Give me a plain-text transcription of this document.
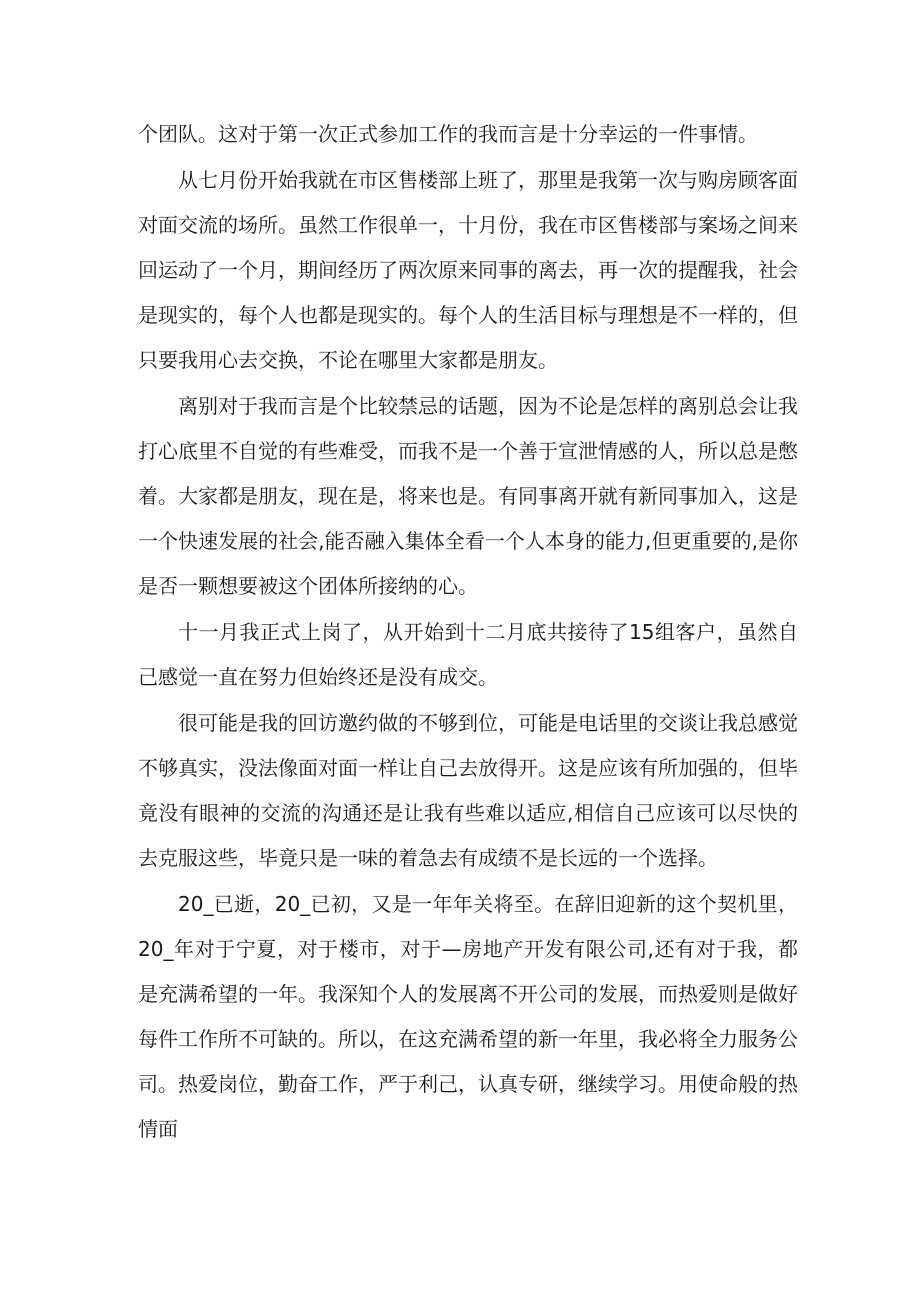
个团队。这对于第一次正式参加工作的我而言是十分幸运的一件事情。

从七月份开始我就在市区售楼部上班了，那里是我第一次与购房顾客面对面交流的场所。虽然工作很单一，十月份，我在市区售楼部与案场之间来回运动了一个月，期间经历了两次原来同事的离去，再一次的提醒我，社会是现实的，每个人也都是现实的。每个人的生活目标与理想是不一样的，但只要我用心去交换，不论在哪里大家都是朋友。

离别对于我而言是个比较禁忌的话题，因为不论是怎样的离别总会让我打心底里不自觉的有些难受，而我不是一个善于宣泄情感的人，所以总是憋着。大家都是朋友，现在是，将来也是。有同事离开就有新同事加入，这是一个快速发展的社会,能否融入集体全看一个人本身的能力,但更重要的,是你是否一颗想要被这个团体所接纳的心。

十一月我正式上岗了，从开始到十二月底共接待了15组客户，虽然自己感觉一直在努力但始终还是没有成交。

很可能是我的回访邀约做的不够到位，可能是电话里的交谈让我总感觉不够真实，没法像面对面一样让自己去放得开。这是应该有所加强的，但毕竟没有眼神的交流的沟通还是让我有些难以适应,相信自己应该可以尽快的去克服这些，毕竟只是一味的着急去有成绩不是长远的一个选择。

20_已逝，20_已初，又是一年年关将至。在辞旧迎新的这个契机里，20_年对于宁夏，对于楼市，对于—房地产开发有限公司,还有对于我，都是充满希望的一年。我深知个人的发展离不开公司的发展，而热爱则是做好每件工作所不可缺的。所以，在这充满希望的新一年里，我必将全力服务公司。热爱岗位，勤奋工作，严于利己，认真专研，继续学习。用使命般的热情面
